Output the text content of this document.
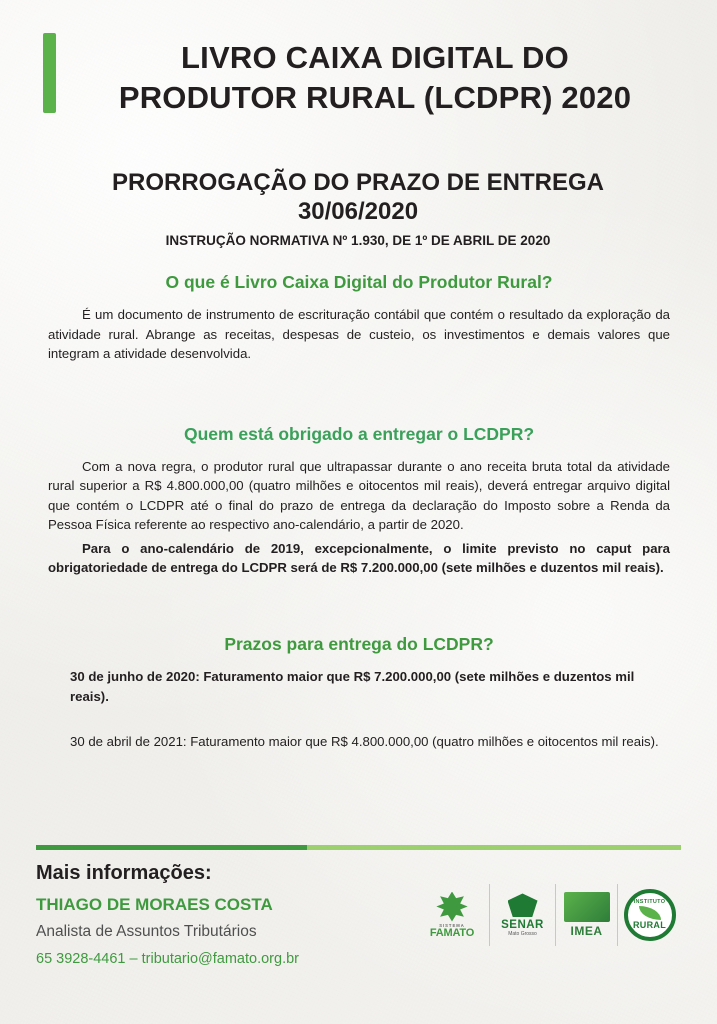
LIVRO CAIXA DIGITAL DO
PRODUTOR RURAL (LCDPR) 2020
PRORROGAÇÃO DO PRAZO DE ENTREGA
30/06/2020
INSTRUÇÃO NORMATIVA Nº 1.930, DE 1º DE ABRIL DE 2020
O que é Livro Caixa Digital do Produtor Rural?

É um documento de instrumento de escrituração contábil que contém o resultado da exploração da atividade rural. Abrange as receitas, despesas de custeio, os investimentos e demais valores que integram a atividade desenvolvida.

Quem está obrigado a entregar o LCDPR?

Com a nova regra, o produtor rural que ultrapassar durante o ano receita bruta total da atividade rural superior a R$ 4.800.000,00 (quatro milhões e oitocentos mil reais), deverá entregar arquivo digital que contém o LCDPR até o final do prazo de entrega da declaração do Imposto sobre a Renda da Pessoa Física referente ao respectivo ano-calendário, a partir de 2020.

Para o ano-calendário de 2019, excepcionalmente, o limite previsto no caput para obrigatoriedade de entrega do LCDPR será de R$ 7.200.000,00 (sete milhões e duzentos mil reais).

Prazos para entrega do LCDPR?

30 de junho de 2020: Faturamento maior que R$ 7.200.000,00 (sete milhões e duzentos mil reais).

30 de abril de 2021: Faturamento maior que R$ 4.800.000,00 (quatro milhões e oitocentos mil reais).

Mais informações:
THIAGO DE MORAES COSTA
Analista de Assuntos Tributários
65 3928-4461 – tributario@famato.org.br
SISTEMA
FAMATO
SENAR
Mato Grosso	IMEA
INSTITUTO
RURAL
